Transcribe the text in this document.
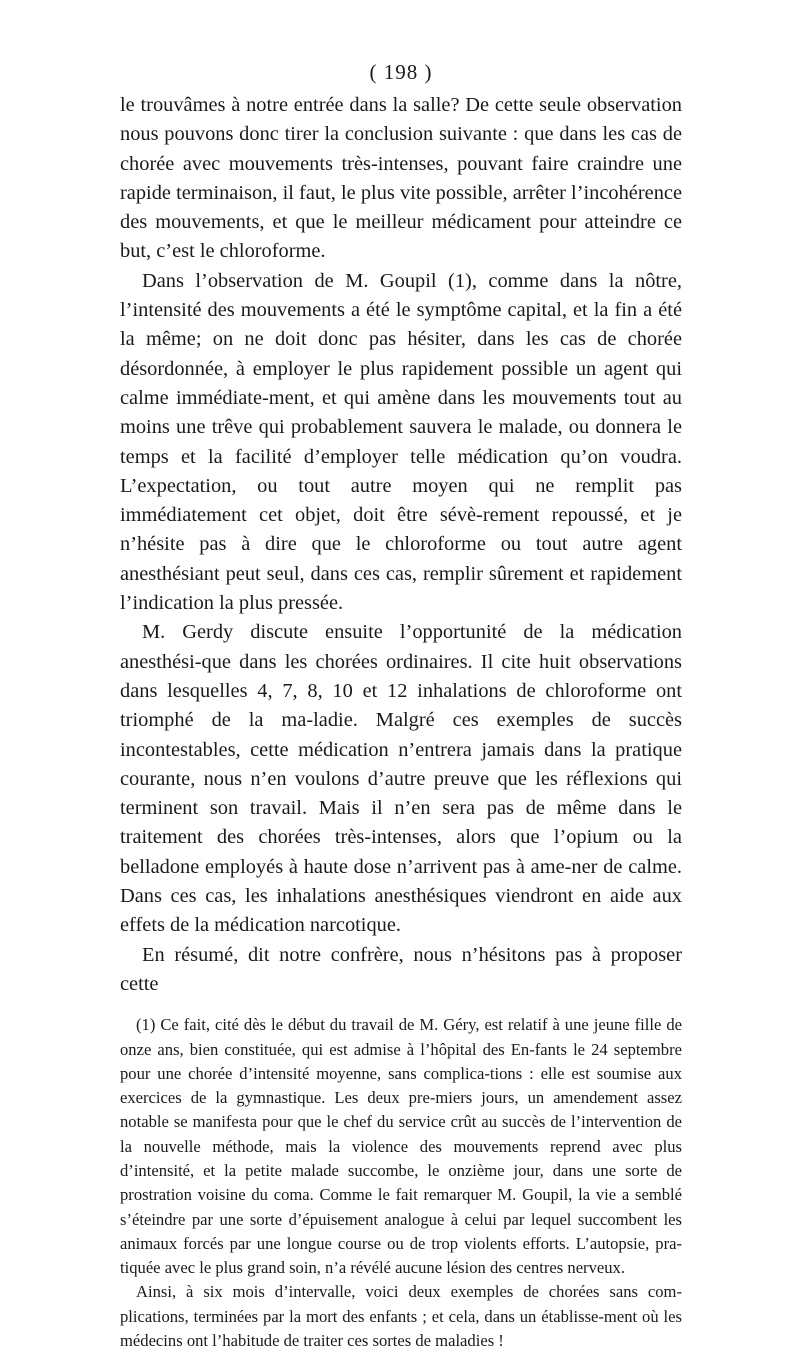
( 198 )

le trouvâmes à notre entrée dans la salle? De cette seule observation nous pouvons donc tirer la conclusion suivante : que dans les cas de chorée avec mouvements très-intenses, pouvant faire craindre une rapide terminaison, il faut, le plus vite possible, arrêter l’incohérence des mouvements, et que le meilleur médicament pour atteindre ce but, c’est le chloroforme.

Dans l’observation de M. Goupil (1), comme dans la nôtre, l’intensité des mouvements a été le symptôme capital, et la fin a été la même; on ne doit donc pas hésiter, dans les cas de chorée désordonnée, à employer le plus rapidement possible un agent qui calme immédiate-ment, et qui amène dans les mouvements tout au moins une trêve qui probablement sauvera le malade, ou donnera le temps et la facilité d’employer telle médication qu’on voudra. L’expectation, ou tout autre moyen qui ne remplit pas immédiatement cet objet, doit être sévè-rement repoussé, et je n’hésite pas à dire que le chloroforme ou tout autre agent anesthésiant peut seul, dans ces cas, remplir sûrement et rapidement l’indication la plus pressée.

M. Gerdy discute ensuite l’opportunité de la médication anesthési-que dans les chorées ordinaires. Il cite huit observations dans lesquelles 4, 7, 8, 10 et 12 inhalations de chloroforme ont triomphé de la ma-ladie. Malgré ces exemples de succès incontestables, cette médication n’entrera jamais dans la pratique courante, nous n’en voulons d’autre preuve que les réflexions qui terminent son travail. Mais il n’en sera pas de même dans le traitement des chorées très-intenses, alors que l’opium ou la belladone employés à haute dose n’arrivent pas à ame-ner de calme. Dans ces cas, les inhalations anesthésiques viendront en aide aux effets de la médication narcotique.

En résumé, dit notre confrère, nous n’hésitons pas à proposer cette

(1) Ce fait, cité dès le début du travail de M. Géry, est relatif à une jeune fille de onze ans, bien constituée, qui est admise à l’hôpital des En-fants le 24 septembre pour une chorée d’intensité moyenne, sans complica-tions : elle est soumise aux exercices de la gymnastique. Les deux pre-miers jours, un amendement assez notable se manifesta pour que le chef du service crût au succès de l’intervention de la nouvelle méthode, mais la violence des mouvements reprend avec plus d’intensité, et la petite malade succombe, le onzième jour, dans une sorte de prostration voisine du coma. Comme le fait remarquer M. Goupil, la vie a semblé s’éteindre par une sorte d’épuisement analogue à celui par lequel succombent les animaux forcés par une longue course ou de trop violents efforts. L’autopsie, pra-tiquée avec le plus grand soin, n’a révélé aucune lésion des centres nerveux.

Ainsi, à six mois d’intervalle, voici deux exemples de chorées sans com-plications, terminées par la mort des enfants ; et cela, dans un établisse-ment où les médecins ont l’habitude de traiter ces sortes de maladies !
